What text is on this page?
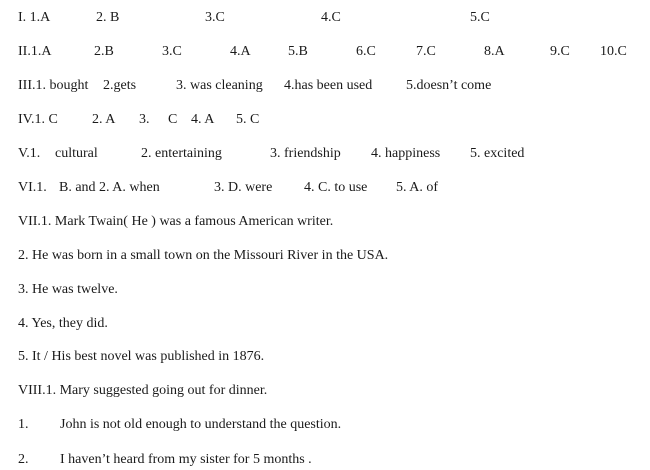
I. 1.A	2. B	3.C	4.C	5.C
II.1.A	2.B	3.C	4.A	5.B	6.C	7.C	8.A	9.C 10.C
III.1. bought 2.gets	3. was cleaning 4.has been used 5.doesn’t come
IV.1. C 2. A 3. C 4. A 5. C
V.1. cultural	2. entertaining	3. friendship 4. happiness 5. excited
VI.1. B. and 2. A. when	3. D. were 4. C. to use 5. A. of
VII.1. Mark Twain( He ) was a famous American writer.
2. He was born in a small town on the Missouri River in the USA.
3. He was twelve.
4. Yes, they did.
5. It / His best novel was published in 1876.
VIII.1. Mary suggested going out for dinner.
1. John is not old enough to understand the question.
2. I haven’t heard from my sister for 5 months .
